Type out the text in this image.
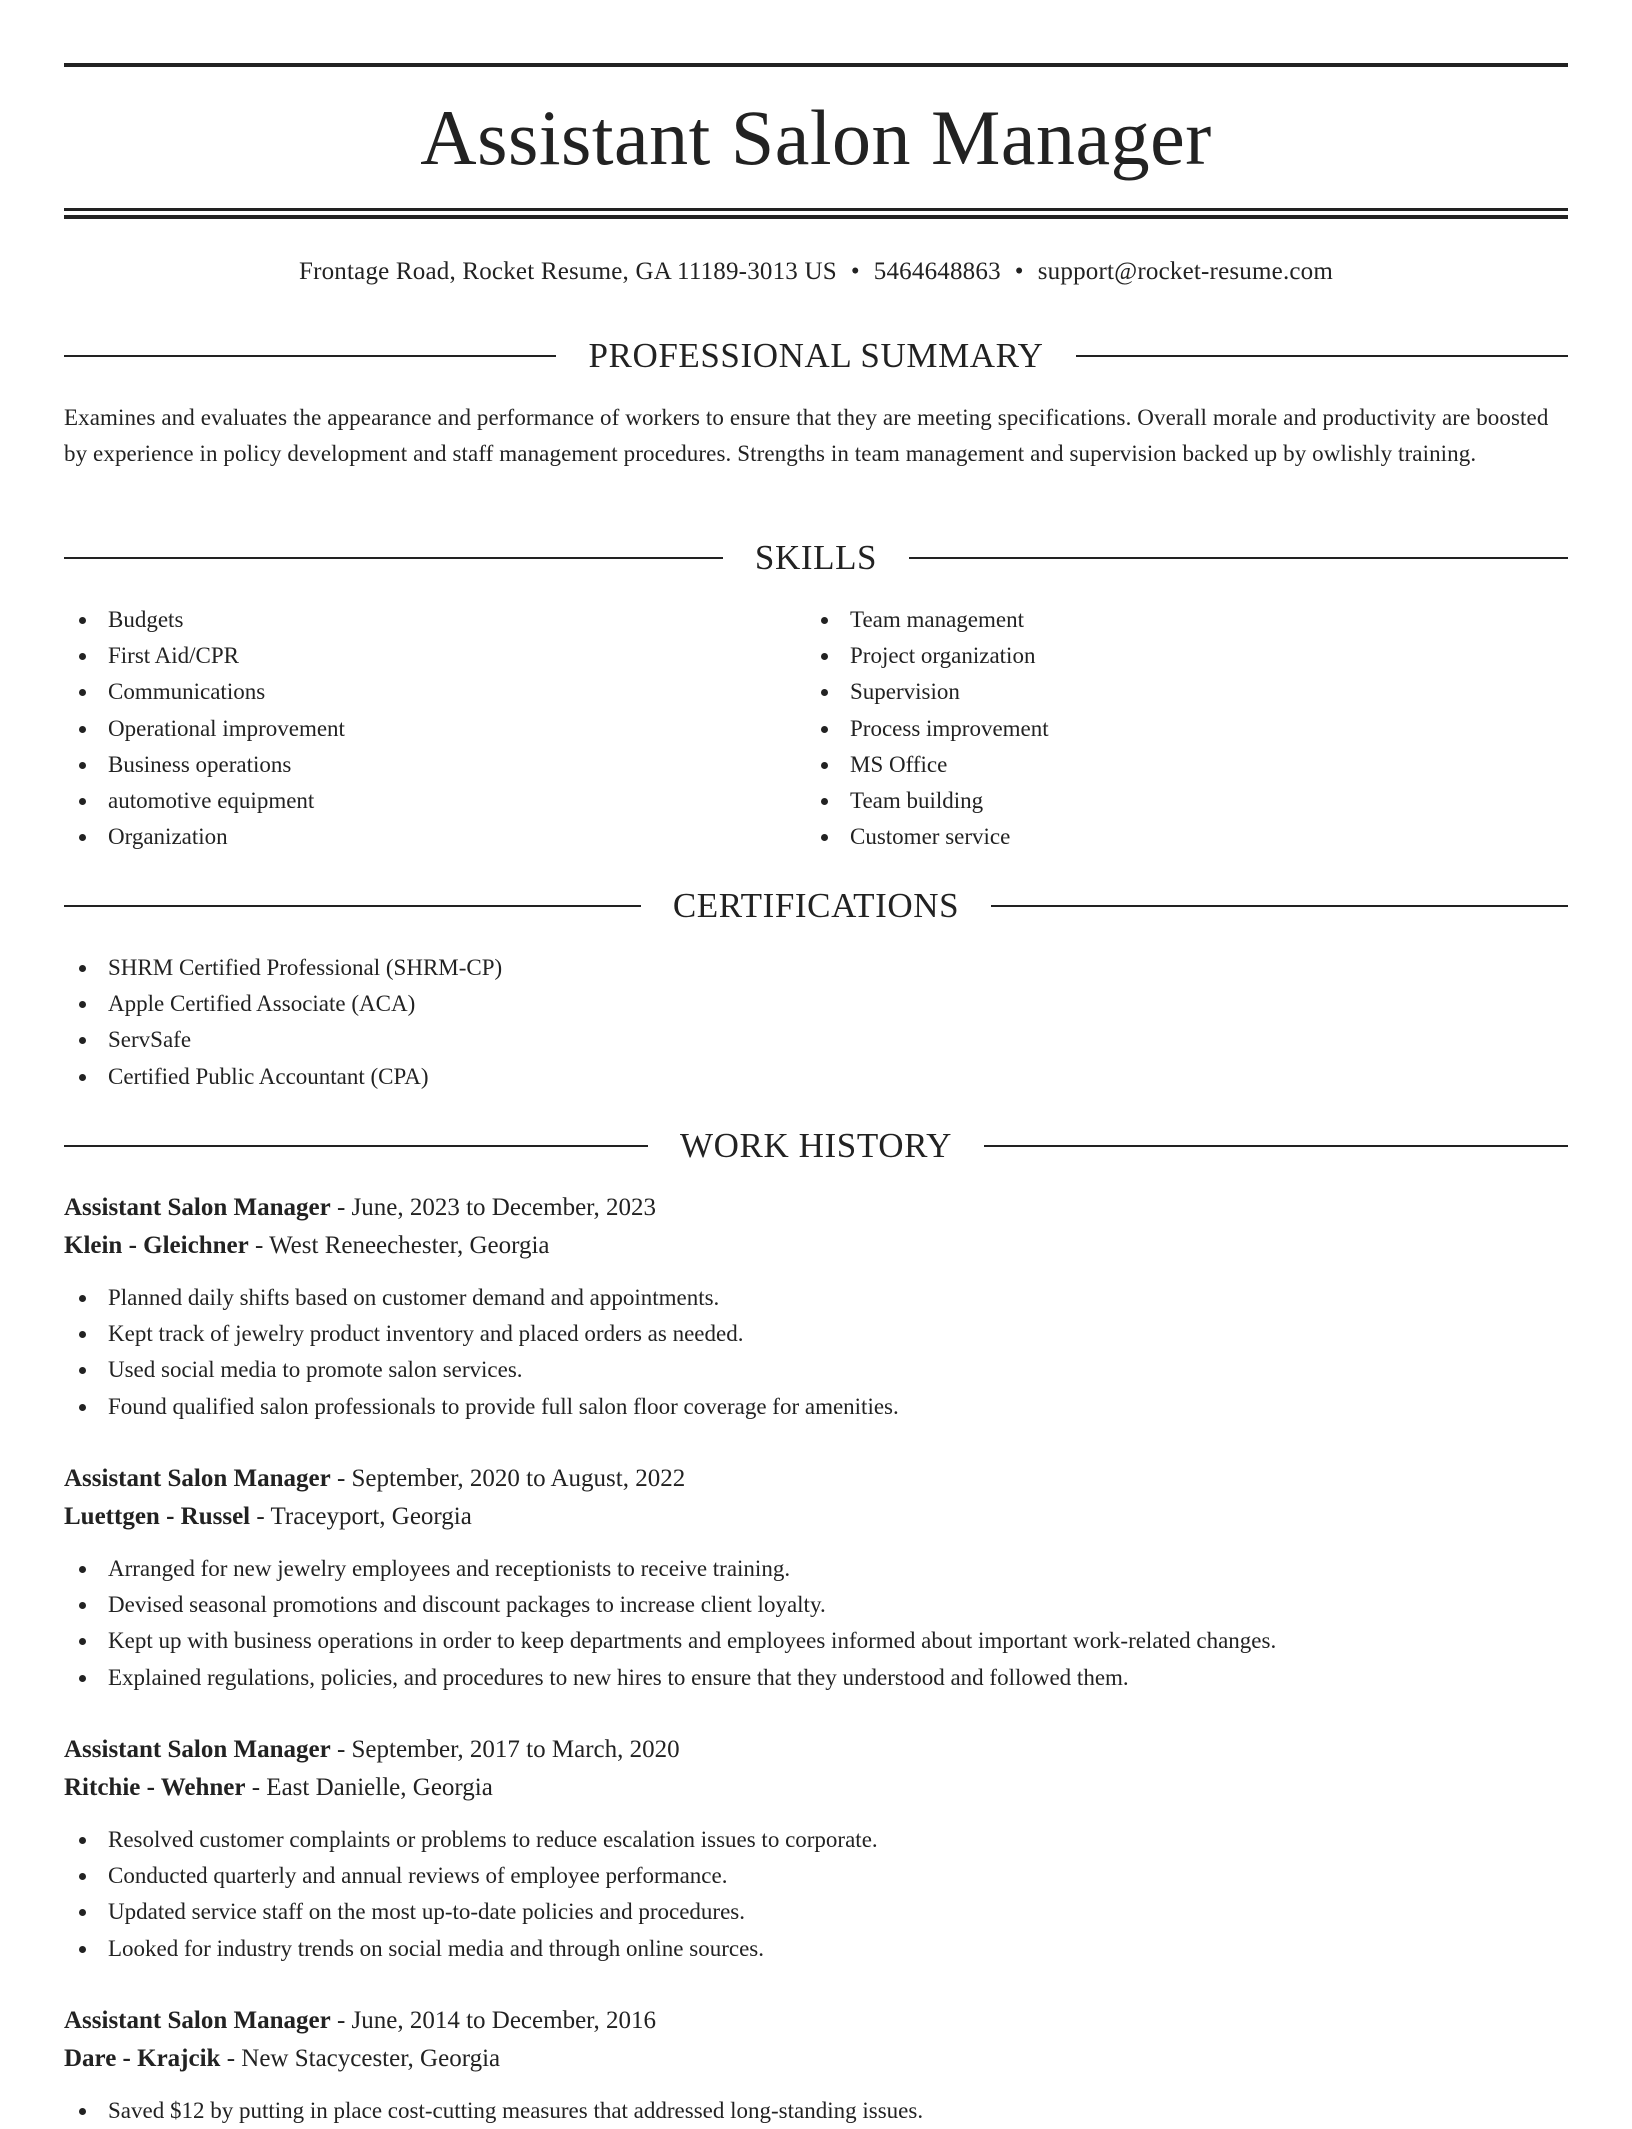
Assistant Salon Manager
Frontage Road, Rocket Resume, GA 11189-3013 US • 5464648863 • support@rocket-resume.com
PROFESSIONAL SUMMARY

Examines and evaluates the appearance and performance of workers to ensure that they are meeting specifications. Overall morale and productivity are boosted by experience in policy development and staff management procedures. Strengths in team management and supervision backed up by owlishly training.

SKILLS
Budgets
First Aid/CPR
Communications
Operational improvement
Business operations
automotive equipment
Organization
Team management
Project organization
Supervision
Process improvement
MS Office
Team building
Customer service
CERTIFICATIONS
SHRM Certified Professional (SHRM-CP)
Apple Certified Associate (ACA)
ServSafe
Certified Public Accountant (CPA)
WORK HISTORY
Assistant Salon Manager - June, 2023 to December, 2023
Klein - Gleichner - West Reneechester, Georgia
Planned daily shifts based on customer demand and appointments.
Kept track of jewelry product inventory and placed orders as needed.
Used social media to promote salon services.
Found qualified salon professionals to provide full salon floor coverage for amenities.
Assistant Salon Manager - September, 2020 to August, 2022
Luettgen - Russel - Traceyport, Georgia
Arranged for new jewelry employees and receptionists to receive training.
Devised seasonal promotions and discount packages to increase client loyalty.
Kept up with business operations in order to keep departments and employees informed about important work-related changes.
Explained regulations, policies, and procedures to new hires to ensure that they understood and followed them.
Assistant Salon Manager - September, 2017 to March, 2020
Ritchie - Wehner - East Danielle, Georgia
Resolved customer complaints or problems to reduce escalation issues to corporate.
Conducted quarterly and annual reviews of employee performance.
Updated service staff on the most up-to-date policies and procedures.
Looked for industry trends on social media and through online sources.
Assistant Salon Manager - June, 2014 to December, 2016
Dare - Krajcik - New Stacycester, Georgia
Saved $12 by putting in place cost-cutting measures that addressed long-standing issues.
